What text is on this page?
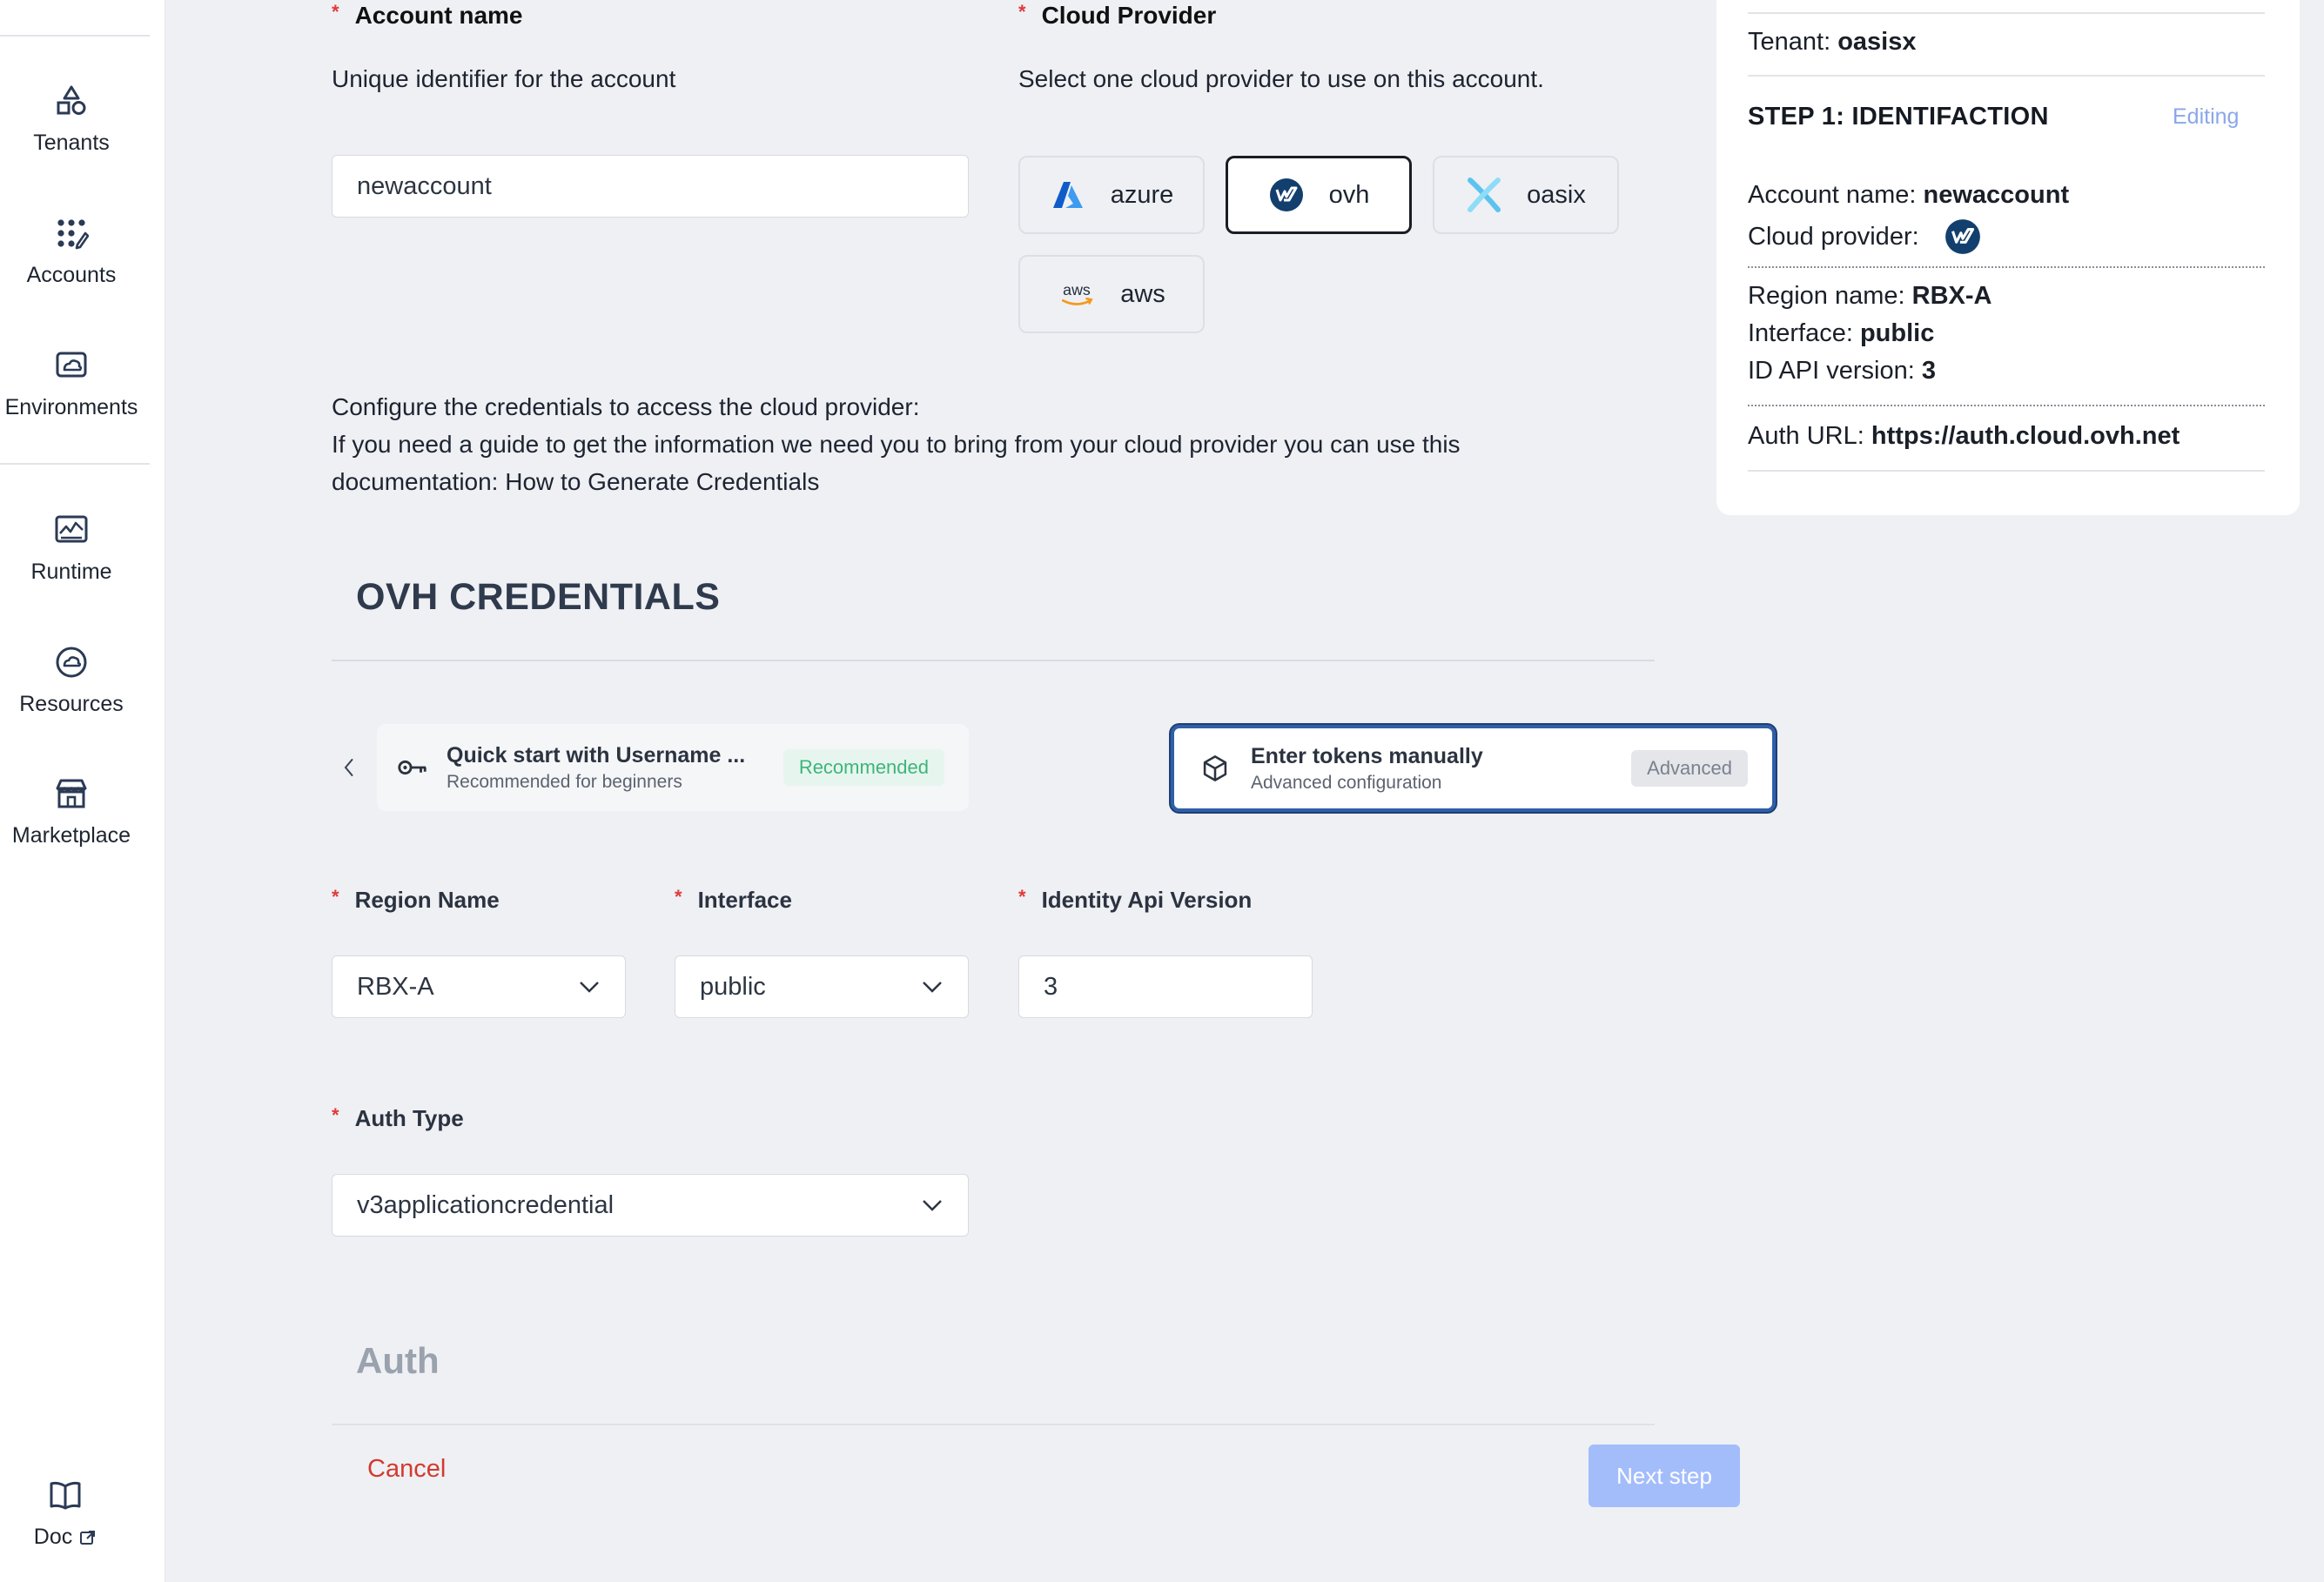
Tenants
Accounts
Environments
Runtime
Resources
Marketplace
Doc
* Account name
Unique identifier for the account
newaccount
* Cloud Provider
Select one cloud provider to use on this account.
azure	ovh	oasix
aws aws
Configure the credentials to access the cloud provider:
If you need a guide to get the information we need you to bring from your cloud provider you can use this documentation: How to Generate Credentials
OVH CREDENTIALS
Quick start with Username ...
Recommended for beginners
Recommended	Enter tokens manually
Advanced configuration
Advanced
* Region Name
RBX-A
* Interface
public
* Identity Api Version
3
* Auth Type
v3applicationcredential
Auth
Cancel	Next step
Tenant: oasisx
STEP 1: IDENTIFACTION	Editing
Account name: newaccount
Cloud provider:
Region name: RBX-A
Interface: public
ID API version: 3
Auth URL: https://auth.cloud.ovh.net
